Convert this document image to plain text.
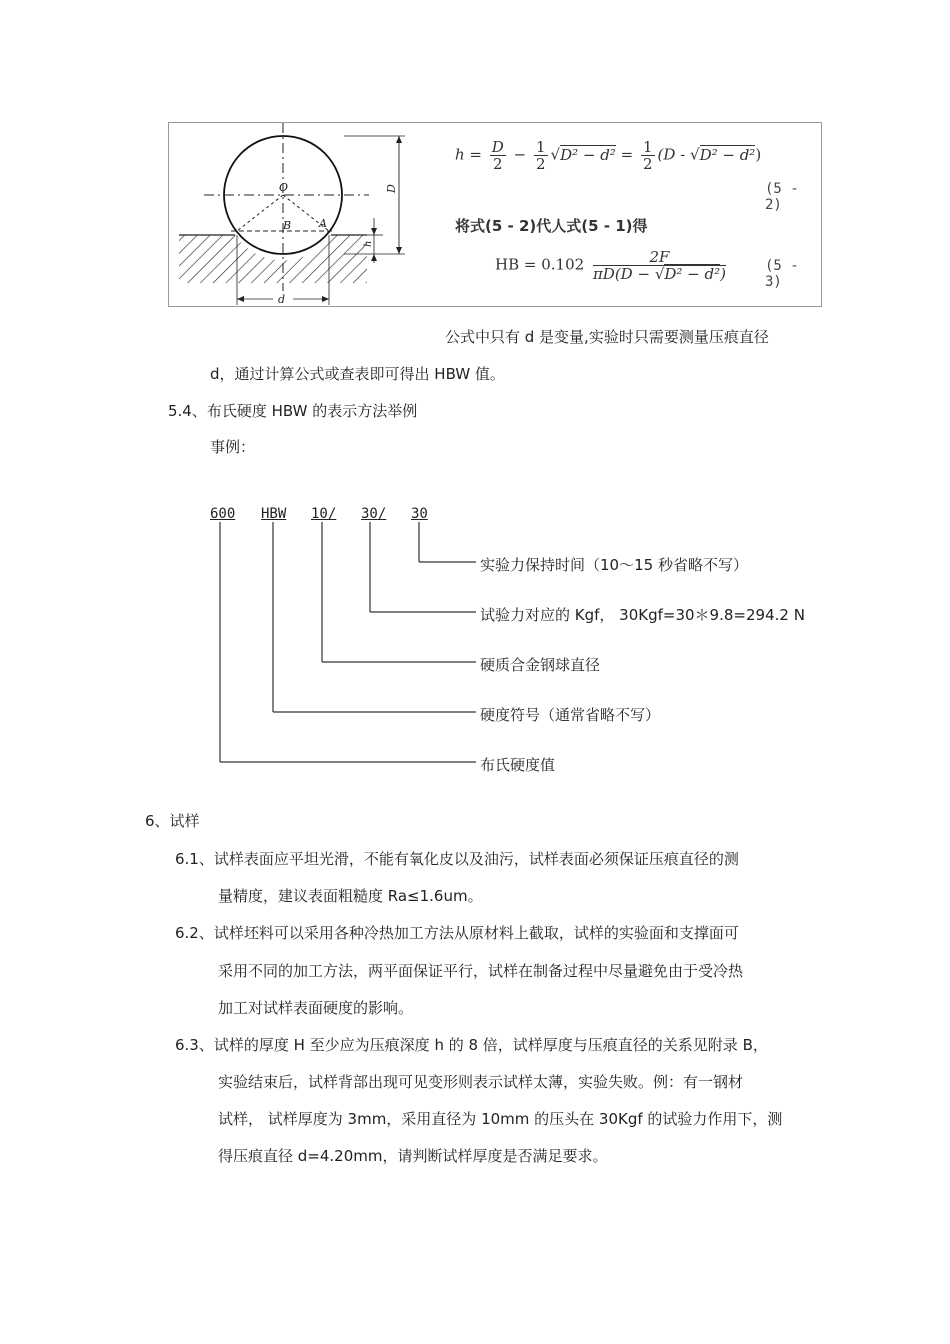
O
B	A
D
h
d
$h = \frac{D}{2} - \frac{1}{2} √D^2 - d^2 = \frac{1}{2} (D - √D^2 - d^2)$
(5 - 2)
将式(5 - 2)代人式(5 - 1)得
HB = $0.102 \frac{2F}{\text{πD(D − √D² − d²)}}$	(5 - 3)
公式中只有 d 是变量,实验时只需要测量压痕直径
d，通过计算公式或查表即可得出 HBW 值。
5.4、布氏硬度 HBW 的表示方法举例
事例：
600 HBW 10/ 30/ 30
实验力保持时间（10～15 秒省略不写）
试验力对应的 Kgf， 30Kgf=30＊9.8=294.2 N
硬质合金钢球直径
硬度符号（通常省略不写）
布氏硬度值
6、试样
6.1、试样表面应平坦光滑，不能有氧化皮以及油污，试样表面必须保证压痕直径的测
量精度，建议表面粗糙度 Ra≤1.6um。
6.2、试样坯料可以采用各种冷热加工方法从原材料上截取，试样的实验面和支撑面可
采用不同的加工方法，两平面保证平行，试样在制备过程中尽量避免由于受冷热
加工对试样表面硬度的影响。
6.3、试样的厚度 H 至少应为压痕深度 h 的 8 倍，试样厚度与压痕直径的关系见附录 B，
实验结束后，试样背部出现可见变形则表示试样太薄，实验失败。例：有一钢材
试样， 试样厚度为 3mm，采用直径为 10mm 的压头在 30Kgf 的试验力作用下，测
得压痕直径 d=4.20mm，请判断试样厚度是否满足要求。
